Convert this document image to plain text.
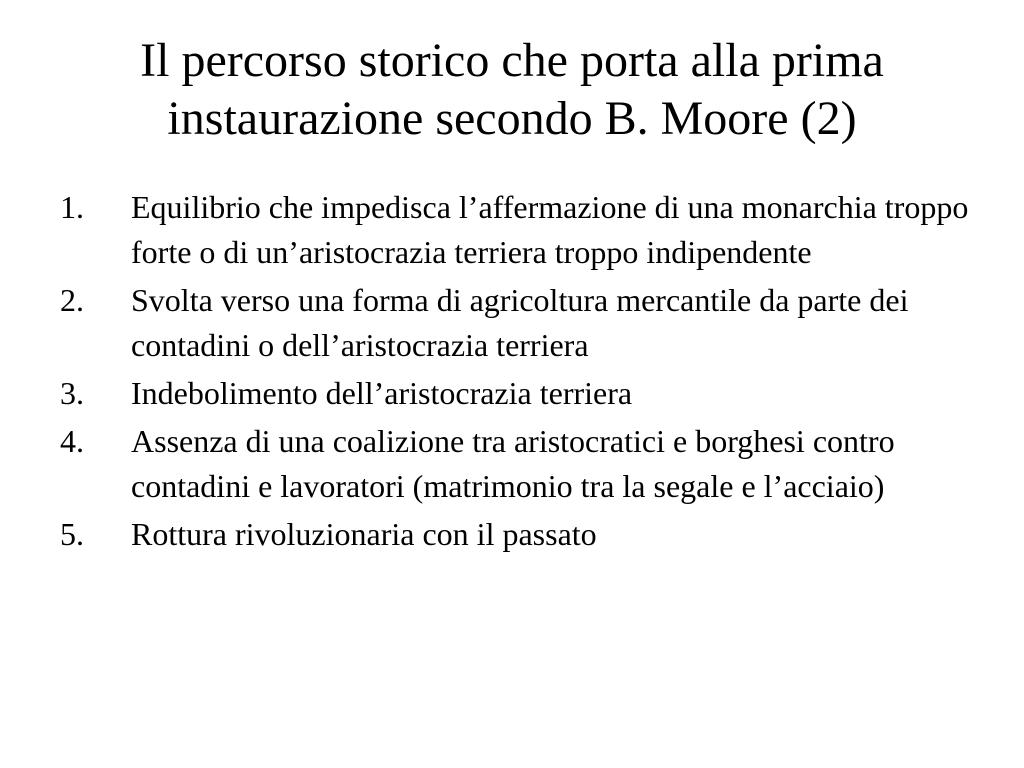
Il percorso storico che porta alla prima
instaurazione secondo B. Moore (2)
1. Equilibrio che impedisca l’affermazione di una monarchia troppo forte o di un’aristocrazia terriera troppo indipendente
2. Svolta verso una forma di agricoltura mercantile da parte dei contadini o dell’aristocrazia terriera
3. Indebolimento dell’aristocrazia terriera
4. Assenza di una coalizione tra aristocratici e borghesi contro contadini e lavoratori (matrimonio tra la segale e l’acciaio)
5. Rottura rivoluzionaria con il passato
